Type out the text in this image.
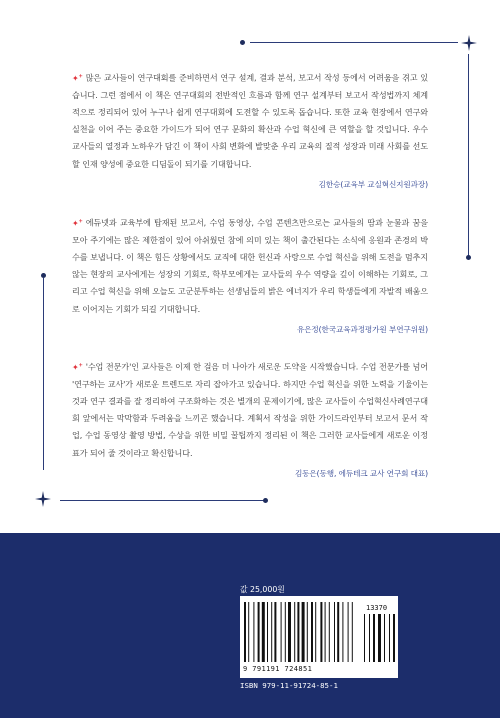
✦+ 많은 교사들이 연구대회를 준비하면서 연구 설계, 결과 분석, 보고서 작성 등에서 어려움을 겪고 있습니다. 그런 점에서 이 책은 연구대회의 전반적인 흐름과 함께 연구 설계부터 보고서 작성법까지 체계적으로 정리되어 있어 누구나 쉽게 연구대회에 도전할 수 있도록 돕습니다. 또한 교육 현장에서 연구와 실천을 이어 주는 중요한 가이드가 되어 연구 문화의 확산과 수업 혁신에 큰 역할을 할 것입니다. 우수 교사들의 열정과 노하우가 담긴 이 책이 사회 변화에 발맞춘 우리 교육의 질적 성장과 미래 사회를 선도할 인재 양성에 중요한 디딤돌이 되기를 기대합니다.

김한승(교육부 교실혁신지원과장)

✦+ 에듀넷과 교육부에 탑재된 보고서, 수업 동영상, 수업 콘텐츠만으로는 교사들의 땀과 눈물과 꿈을 모아 주기에는 많은 제한점이 있어 아쉬웠던 참에 의미 있는 책이 출간된다는 소식에 응원과 존경의 박수를 보냅니다. 이 책은 힘든 상황에서도 교직에 대한 헌신과 사랑으로 수업 혁신을 위해 도전을 멈추지 않는 현장의 교사에게는 성장의 기회로, 학부모에게는 교사들의 우수 역량을 깊이 이해하는 기회로, 그리고 수업 혁신을 위해 오늘도 고군분투하는 선생님들의 밝은 에너지가 우리 학생들에게 자발적 배움으로 이어지는 기회가 되길 기대합니다.

유은정(한국교육과정평가원 부연구위원)

✦+ '수업 전문가'인 교사들은 이제 한 걸음 더 나아가 새로운 도약을 시작했습니다. 수업 전문가를 넘어 '연구하는 교사'가 새로운 트렌드로 자리 잡아가고 있습니다. 하지만 수업 혁신을 위한 노력을 기울이는 것과 연구 결과를 잘 정리하여 구조화하는 것은 별개의 문제이기에, 많은 교사들이 수업혁신사례연구대회 앞에서는 막막함과 두려움을 느끼곤 했습니다. 계획서 작성을 위한 가이드라인부터 보고서 문서 작업, 수업 동영상 촬영 방법, 수상을 위한 비밀 꿀팁까지 정리된 이 책은 그러한 교사들에게 새로운 이정표가 되어 줄 것이라고 확신합니다.

김동은(동행, 에듀테크 교사 연구회 대표)
값 25,000원
13370
9 791191 724851
ISBN 979-11-91724-85-1
